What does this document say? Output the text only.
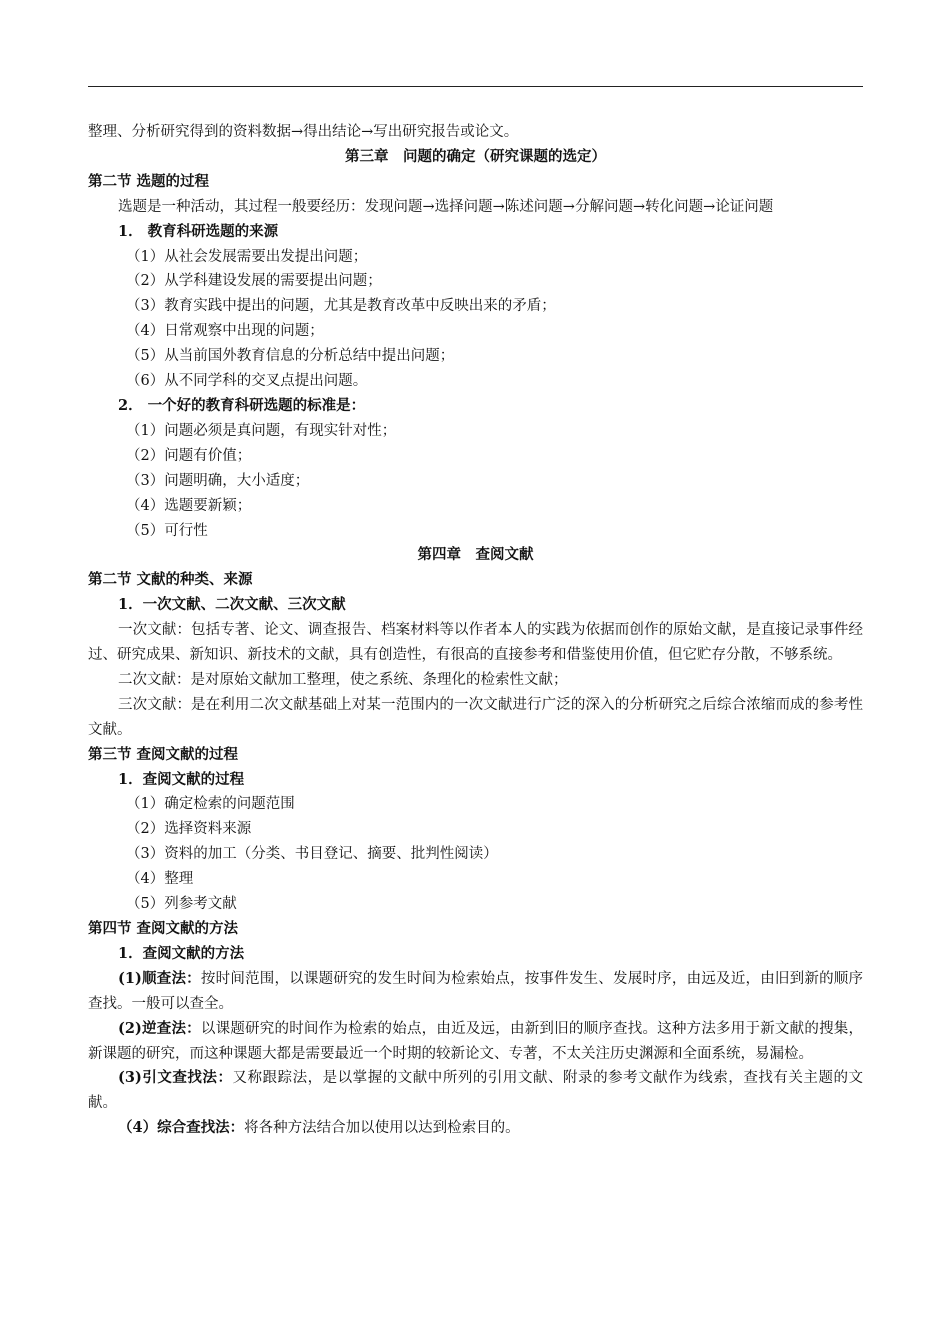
整理、分析研究得到的资料数据→得出结论→写出研究报告或论文。

第三章　问题的确定（研究课题的选定）

第二节 选题的过程

选题是一种活动，其过程一般要经历：发现问题→选择问题→陈述问题→分解问题→转化问题→论证问题

1． 教育科研选题的来源

（1）从社会发展需要出发提出问题；

（2）从学科建设发展的需要提出问题；

（3）教育实践中提出的问题，尤其是教育改革中反映出来的矛盾；

（4）日常观察中出现的问题；

（5）从当前国外教育信息的分析总结中提出问题；

（6）从不同学科的交叉点提出问题。

2． 一个好的教育科研选题的标准是：

（1）问题必须是真问题，有现实针对性；

（2）问题有价值；

（3）问题明确，大小适度；

（4）选题要新颖；

（5）可行性

第四章　查阅文献

第二节 文献的种类、来源

1．一次文献、二次文献、三次文献

一次文献：包括专著、论文、调查报告、档案材料等以作者本人的实践为依据而创作的原始文献，是直接记录事件经过、研究成果、新知识、新技术的文献，具有创造性，有很高的直接参考和借鉴使用价值，但它贮存分散，不够系统。

二次文献：是对原始文献加工整理，使之系统、条理化的检索性文献；

三次文献：是在利用二次文献基础上对某一范围内的一次文献进行广泛的深入的分析研究之后综合浓缩而成的参考性文献。

第三节 查阅文献的过程

1．查阅文献的过程

（1）确定检索的问题范围

（2）选择资料来源

（3）资料的加工（分类、书目登记、摘要、批判性阅读）

（4）整理

（5）列参考文献

第四节 查阅文献的方法

1．查阅文献的方法

(1)顺查法：按时间范围，以课题研究的发生时间为检索始点，按事件发生、发展时序，由远及近，由旧到新的顺序查找。一般可以查全。

(2)逆查法：以课题研究的时间作为检索的始点，由近及远，由新到旧的顺序查找。这种方法多用于新文献的搜集，新课题的研究，而这种课题大都是需要最近一个时期的较新论文、专著，不太关注历史渊源和全面系统，易漏检。

(3)引文查找法：又称跟踪法，是以掌握的文献中所列的引用文献、附录的参考文献作为线索，查找有关主题的文献。

（4）综合查找法：将各种方法结合加以使用以达到检索目的。
